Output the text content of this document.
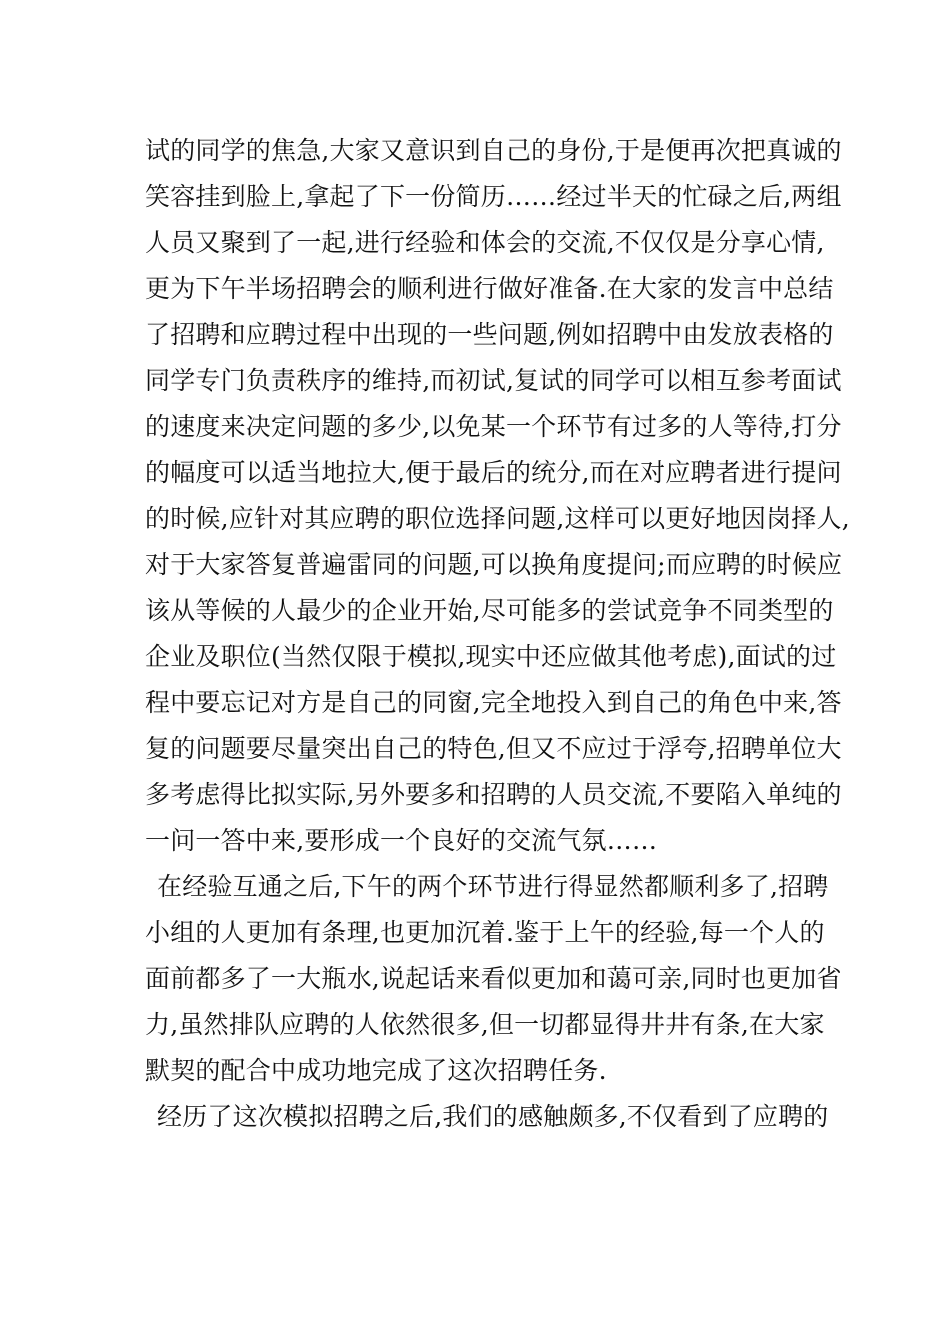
试的同学的焦急,大家又意识到自己的身份,于是便再次把真诚的
笑容挂到脸上,拿起了下一份简历……经过半天的忙碌之后,两组
人员又聚到了一起,进行经验和体会的交流,不仅仅是分享心情,
更为下午半场招聘会的顺利进行做好准备.在大家的发言中总结
了招聘和应聘过程中出现的一些问题,例如招聘中由发放表格的
同学专门负责秩序的维持,而初试,复试的同学可以相互参考面试
的速度来决定问题的多少,以免某一个环节有过多的人等待,打分
的幅度可以适当地拉大,便于最后的统分,而在对应聘者进行提问
的时候,应针对其应聘的职位选择问题,这样可以更好地因岗择人,
对于大家答复普遍雷同的问题,可以换角度提问;而应聘的时候应
该从等候的人最少的企业开始,尽可能多的尝试竞争不同类型的
企业及职位(当然仅限于模拟,现实中还应做其他考虑),面试的过
程中要忘记对方是自己的同窗,完全地投入到自己的角色中来,答
复的问题要尽量突出自己的特色,但又不应过于浮夸,招聘单位大
多考虑得比拟实际,另外要多和招聘的人员交流,不要陷入单纯的
一问一答中来,要形成一个良好的交流气氛……
在经验互通之后,下午的两个环节进行得显然都顺利多了,招聘
小组的人更加有条理,也更加沉着.鉴于上午的经验,每一个人的
面前都多了一大瓶水,说起话来看似更加和蔼可亲,同时也更加省
力,虽然排队应聘的人依然很多,但一切都显得井井有条,在大家
默契的配合中成功地完成了这次招聘任务.
经历了这次模拟招聘之后,我们的感触颇多,不仅看到了应聘的
